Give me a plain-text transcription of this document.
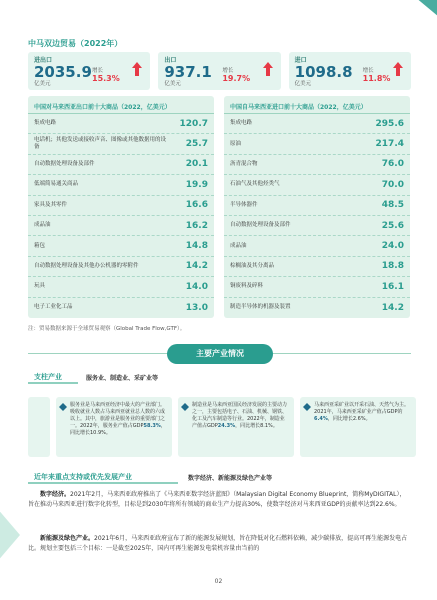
中马双边贸易（2022年）
进出口
2035.9
亿美元
增长
15.3%
出口
937.1
亿美元
增长
19.7%
进口
1098.8
亿美元
增长
11.8%
中国对马来西亚出口前十大商品（2022，亿美元）
集成电路	120.7
电话机；其他发送或接收声音、图像或其他数据用的设备	25.7
自动数据处理设备及部件	20.1
低端简易通关商品	19.9
家具及其零件	16.6
成品油	16.2
箱包	14.8
自动数据处理设备及其他办公机器的零附件	14.2
玩具	14.0
电子工业化工品	13.0
中国自马来西亚进口前十大商品（2022，亿美元）
集成电路	295.6
原油	217.4
沥青混合物	76.0
石油气及其他烃类气	70.0
半导体器件	48.5
自动数据处理设备及部件	25.6
成品油	24.0
棕榈油及其分离品	18.8
铜废料及碎料	16.1
制造半导体的机器及装置	14.2
注：贸易数据来源于全球贸易观察（Global Trade Flow,GTF）。
主要产业情况
支柱产业	服务业、制造业、采矿业等
服务业是马来西亚经济中最大的产业部门。吸收就业人数占马来西亚就业总人数的六成以上。其中，旅游业是服务业的重要部门之一。2022年，服务业产值占GDP58.3%，同比增长10.9%。
制造业是马来西亚国民经济发展的主要动力之一，主要包括电子、石油、机械、钢铁、化工及汽车制造等行业。2022年，制造业产值占GDP24.3%，同比增长8.1%。
马来西亚采矿业以开采石油、天然气为主。2021年，马来西亚采矿业产值占GDP的6.4%，同比增长2.6%。
近年来重点支持或优先发展产业	数字经济、新能源及绿色产业等
数字经济。2021年2月，马来西亚政府推出了《马来西亚数字经济蓝图》（Malaysian Digital Economy Blueprint，简称MyDIGITAL），旨在推动马来西亚进行数字化转型，目标是到2030年将所有领域的商业生产力提高30%，使数字经济对马来西亚GDP的贡献率达到22.6%。
新能源及绿色产业。2021年6月，马来西亚政府宣布了新的能源发展规划，旨在降低对化石燃料依赖，减少碳排放，提高可再生能源发电占比。规划主要包括三个目标：一是截至2025年，国内可再生能源发电装机容量由当前的
02
